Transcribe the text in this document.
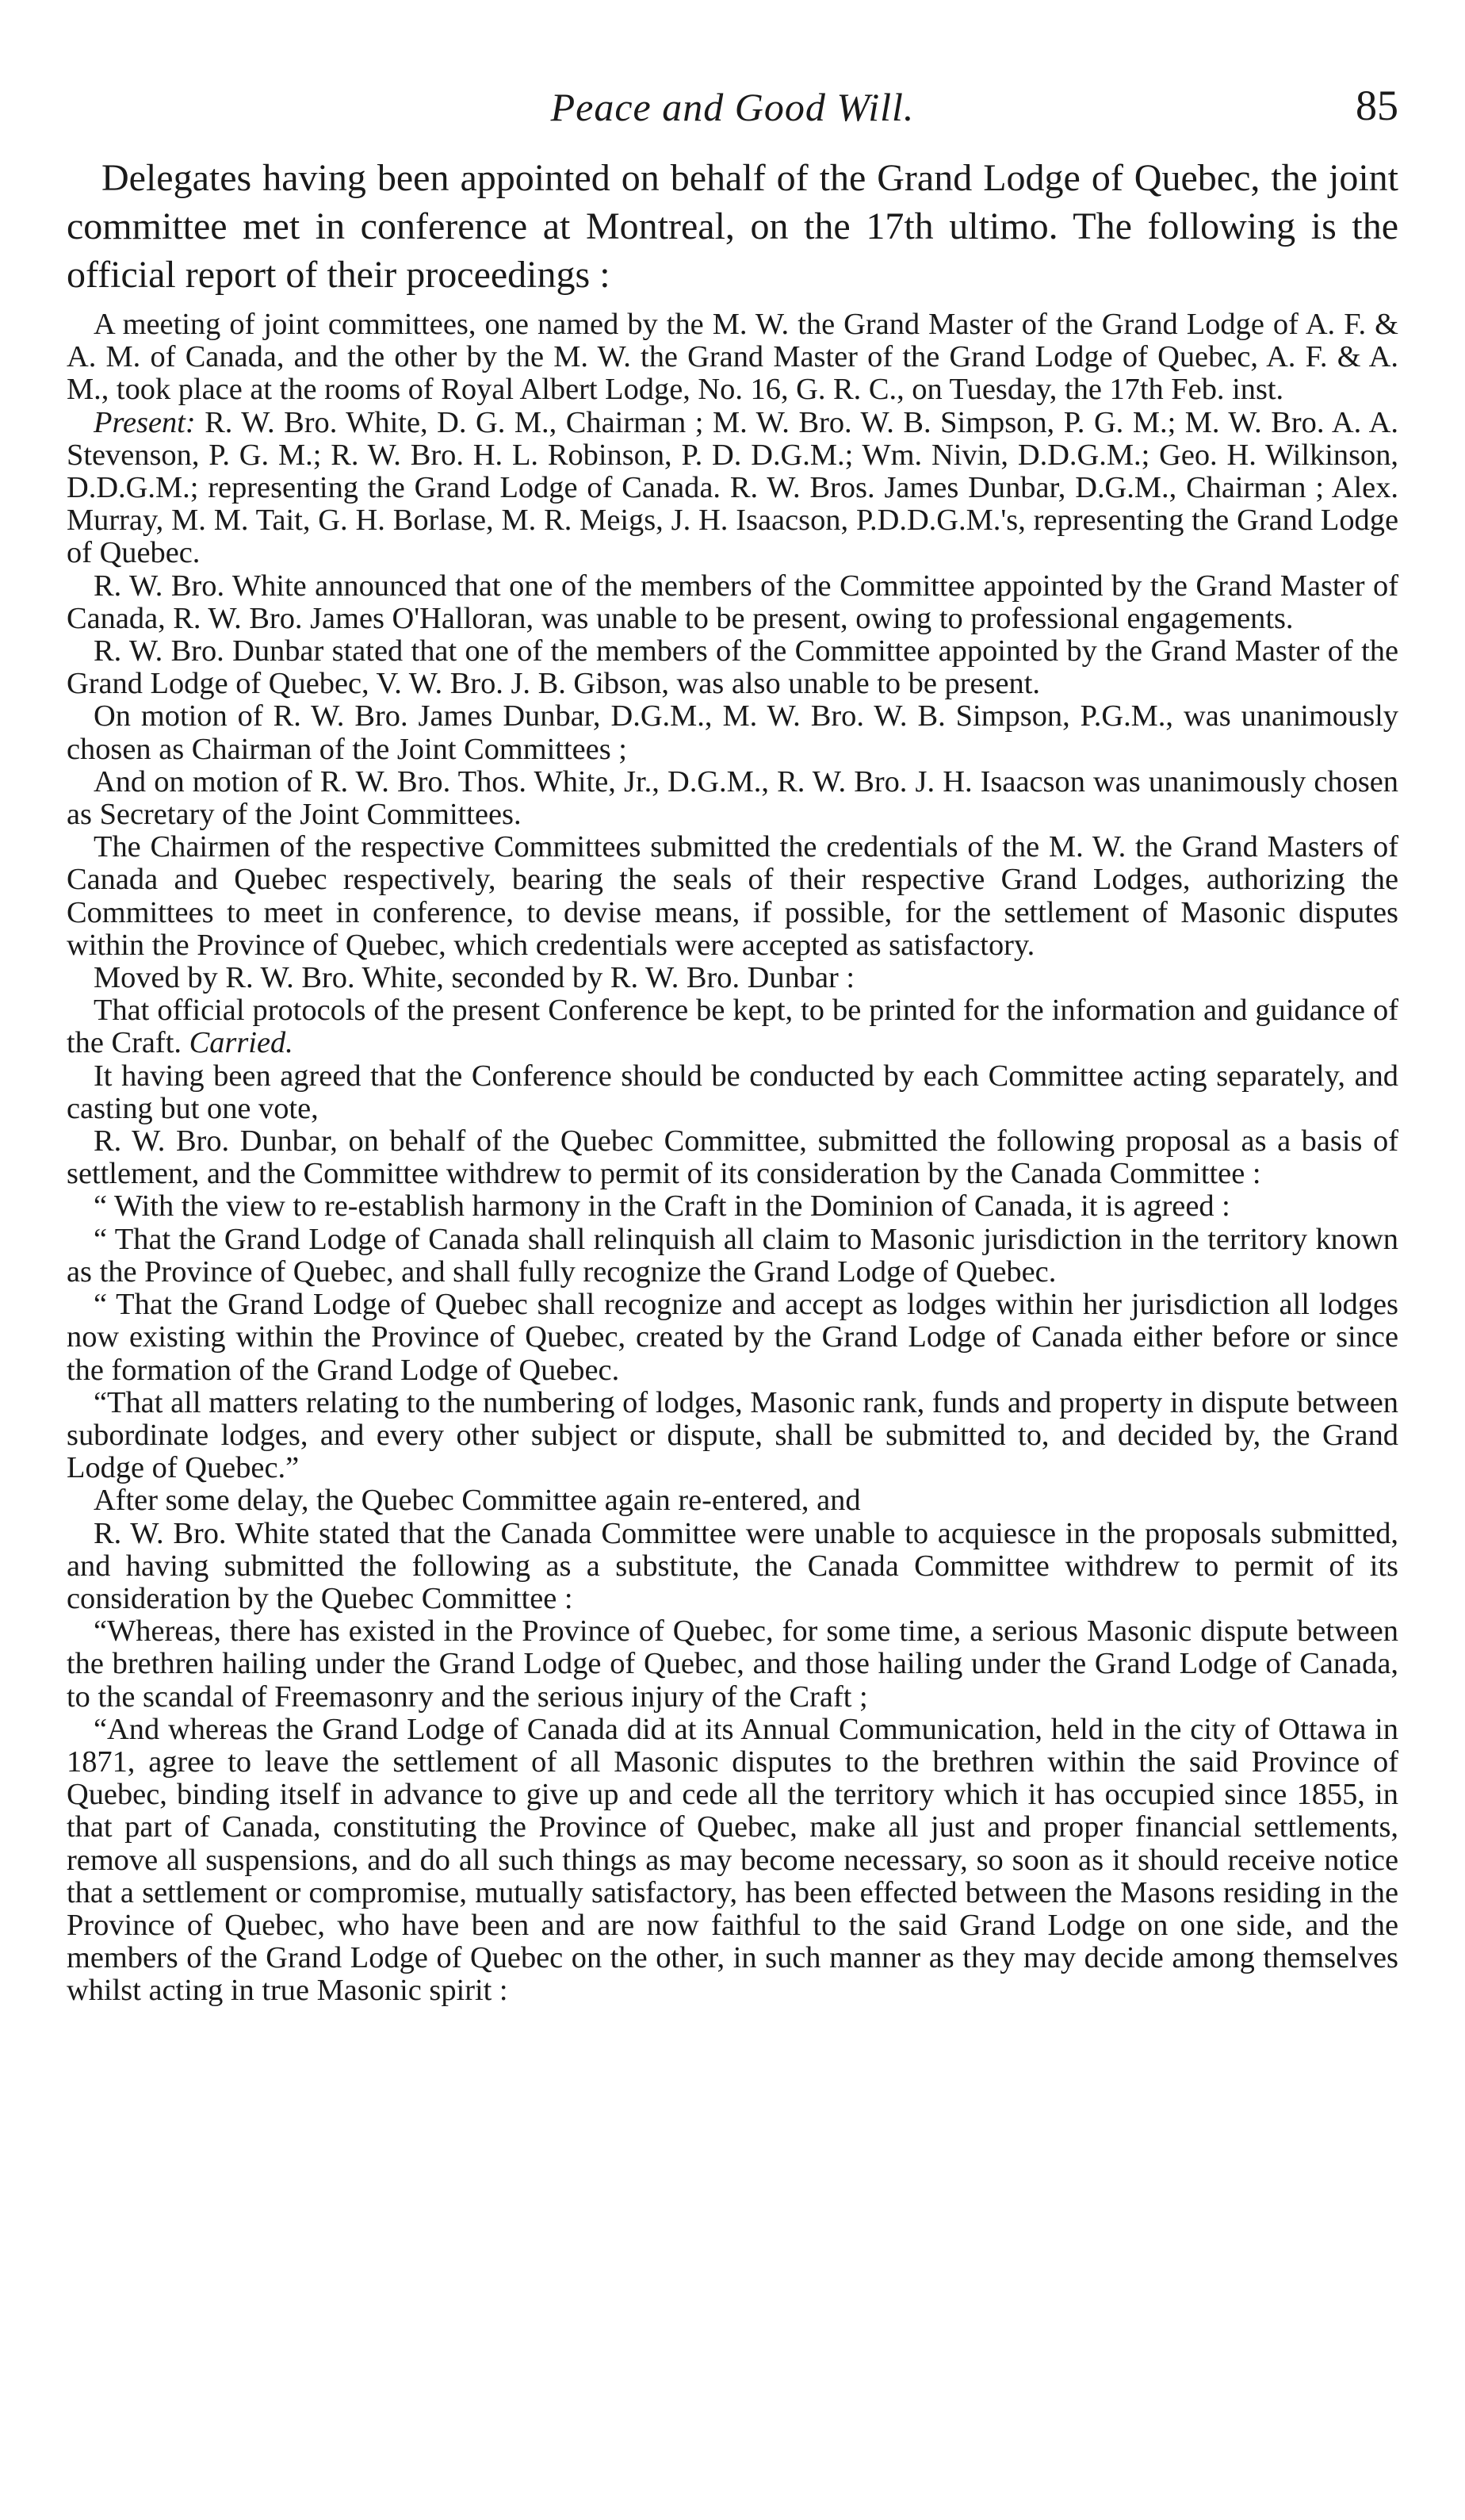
Peace and Good Will.	85

Delegates having been appointed on behalf of the Grand Lodge of Quebec, the joint committee met in conference at Montreal, on the 17th ultimo. The following is the official report of their proceedings :

A meeting of joint committees, one named by the M. W. the Grand Master of the Grand Lodge of A. F. & A. M. of Canada, and the other by the M. W. the Grand Master of the Grand Lodge of Quebec, A. F. & A. M., took place at the rooms of Royal Albert Lodge, No. 16, G. R. C., on Tuesday, the 17th Feb. inst.

Present: R. W. Bro. White, D. G. M., Chairman ; M. W. Bro. W. B. Simpson, P. G. M.; M. W. Bro. A. A. Stevenson, P. G. M.; R. W. Bro. H. L. Robinson, P. D. D.G.M.; Wm. Nivin, D.D.G.M.; Geo. H. Wilkinson, D.D.G.M.; representing the Grand Lodge of Canada. R. W. Bros. James Dunbar, D.G.M., Chairman ; Alex. Murray, M. M. Tait, G. H. Borlase, M. R. Meigs, J. H. Isaacson, P.D.D.G.M.'s, representing the Grand Lodge of Quebec.

R. W. Bro. White announced that one of the members of the Committee appointed by the Grand Master of Canada, R. W. Bro. James O'Halloran, was unable to be present, owing to professional engagements.

R. W. Bro. Dunbar stated that one of the members of the Committee appointed by the Grand Master of the Grand Lodge of Quebec, V. W. Bro. J. B. Gibson, was also unable to be present.

On motion of R. W. Bro. James Dunbar, D.G.M., M. W. Bro. W. B. Simpson, P.G.M., was unanimously chosen as Chairman of the Joint Committees ;

And on motion of R. W. Bro. Thos. White, Jr., D.G.M., R. W. Bro. J. H. Isaacson was unanimously chosen as Secretary of the Joint Committees.

The Chairmen of the respective Committees submitted the credentials of the M. W. the Grand Masters of Canada and Quebec respectively, bearing the seals of their respective Grand Lodges, authorizing the Committees to meet in conference, to devise means, if possible, for the settlement of Masonic disputes within the Province of Quebec, which credentials were accepted as satisfactory.

Moved by R. W. Bro. White, seconded by R. W. Bro. Dunbar :

That official protocols of the present Conference be kept, to be printed for the information and guidance of the Craft. Carried.

It having been agreed that the Conference should be conducted by each Committee acting separately, and casting but one vote,

R. W. Bro. Dunbar, on behalf of the Quebec Committee, submitted the following proposal as a basis of settlement, and the Committee withdrew to permit of its consideration by the Canada Committee :

“ With the view to re-establish harmony in the Craft in the Dominion of Canada, it is agreed :

“ That the Grand Lodge of Canada shall relinquish all claim to Masonic jurisdiction in the territory known as the Province of Quebec, and shall fully recognize the Grand Lodge of Quebec.

“ That the Grand Lodge of Quebec shall recognize and accept as lodges within her jurisdiction all lodges now existing within the Province of Quebec, created by the Grand Lodge of Canada either before or since the formation of the Grand Lodge of Quebec.

“That all matters relating to the numbering of lodges, Masonic rank, funds and property in dispute between subordinate lodges, and every other subject or dispute, shall be submitted to, and decided by, the Grand Lodge of Quebec.”

After some delay, the Quebec Committee again re-entered, and

R. W. Bro. White stated that the Canada Committee were unable to acquiesce in the proposals submitted, and having submitted the following as a substitute, the Canada Committee withdrew to permit of its consideration by the Quebec Committee :

“Whereas, there has existed in the Province of Quebec, for some time, a serious Masonic dispute between the brethren hailing under the Grand Lodge of Quebec, and those hailing under the Grand Lodge of Canada, to the scandal of Freemasonry and the serious injury of the Craft ;

“And whereas the Grand Lodge of Canada did at its Annual Communication, held in the city of Ottawa in 1871, agree to leave the settlement of all Masonic disputes to the brethren within the said Province of Quebec, binding itself in advance to give up and cede all the territory which it has occupied since 1855, in that part of Canada, constituting the Province of Quebec, make all just and proper financial settlements, remove all suspensions, and do all such things as may become necessary, so soon as it should receive notice that a settlement or compromise, mutually satisfactory, has been effected between the Masons residing in the Province of Quebec, who have been and are now faithful to the said Grand Lodge on one side, and the members of the Grand Lodge of Quebec on the other, in such manner as they may decide among themselves whilst acting in true Masonic spirit :
